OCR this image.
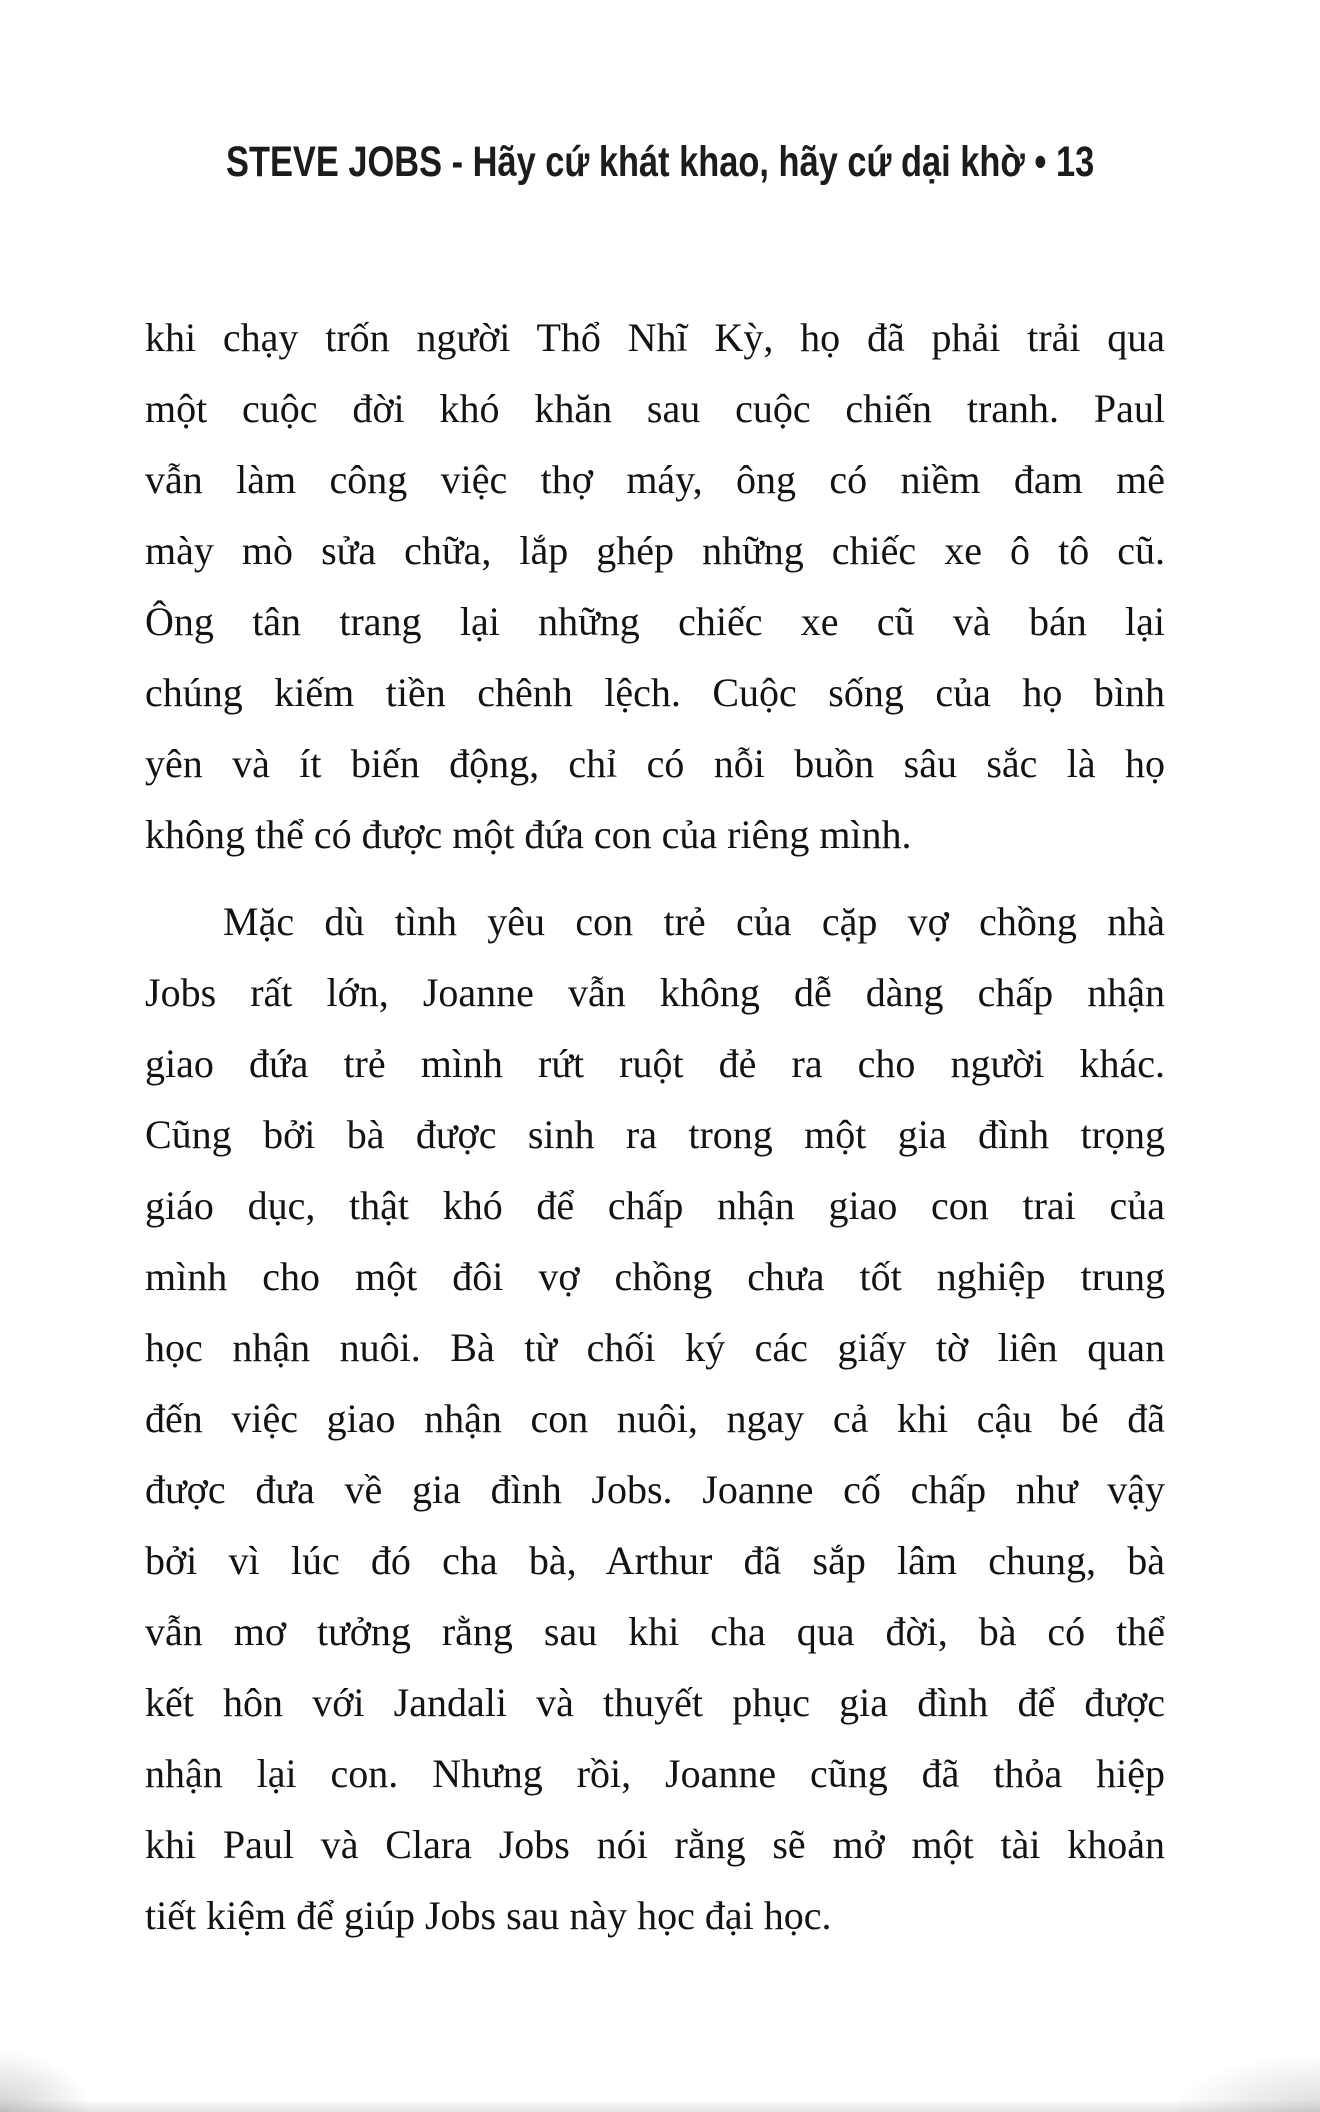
STEVE JOBS - Hãy cứ khát khao, hãy cứ dại khờ • 13
khi chạy trốn người Thổ Nhĩ Kỳ, họ đã phải trải qua
một cuộc đời khó khăn sau cuộc chiến tranh. Paul
vẫn làm công việc thợ máy, ông có niềm đam mê
mày mò sửa chữa, lắp ghép những chiếc xe ô tô cũ.
Ông tân trang lại những chiếc xe cũ và bán lại
chúng kiếm tiền chênh lệch. Cuộc sống của họ bình
yên và ít biến động, chỉ có nỗi buồn sâu sắc là họ
không thể có được một đứa con của riêng mình.
Mặc dù tình yêu con trẻ của cặp vợ chồng nhà
Jobs rất lớn, Joanne vẫn không dễ dàng chấp nhận
giao đứa trẻ mình rứt ruột đẻ ra cho người khác.
Cũng bởi bà được sinh ra trong một gia đình trọng
giáo dục, thật khó để chấp nhận giao con trai của
mình cho một đôi vợ chồng chưa tốt nghiệp trung
học nhận nuôi. Bà từ chối ký các giấy tờ liên quan
đến việc giao nhận con nuôi, ngay cả khi cậu bé đã
được đưa về gia đình Jobs. Joanne cố chấp như vậy
bởi vì lúc đó cha bà, Arthur đã sắp lâm chung, bà
vẫn mơ tưởng rằng sau khi cha qua đời, bà có thể
kết hôn với Jandali và thuyết phục gia đình để được
nhận lại con. Nhưng rồi, Joanne cũng đã thỏa hiệp
khi Paul và Clara Jobs nói rằng sẽ mở một tài khoản
tiết kiệm để giúp Jobs sau này học đại học.
